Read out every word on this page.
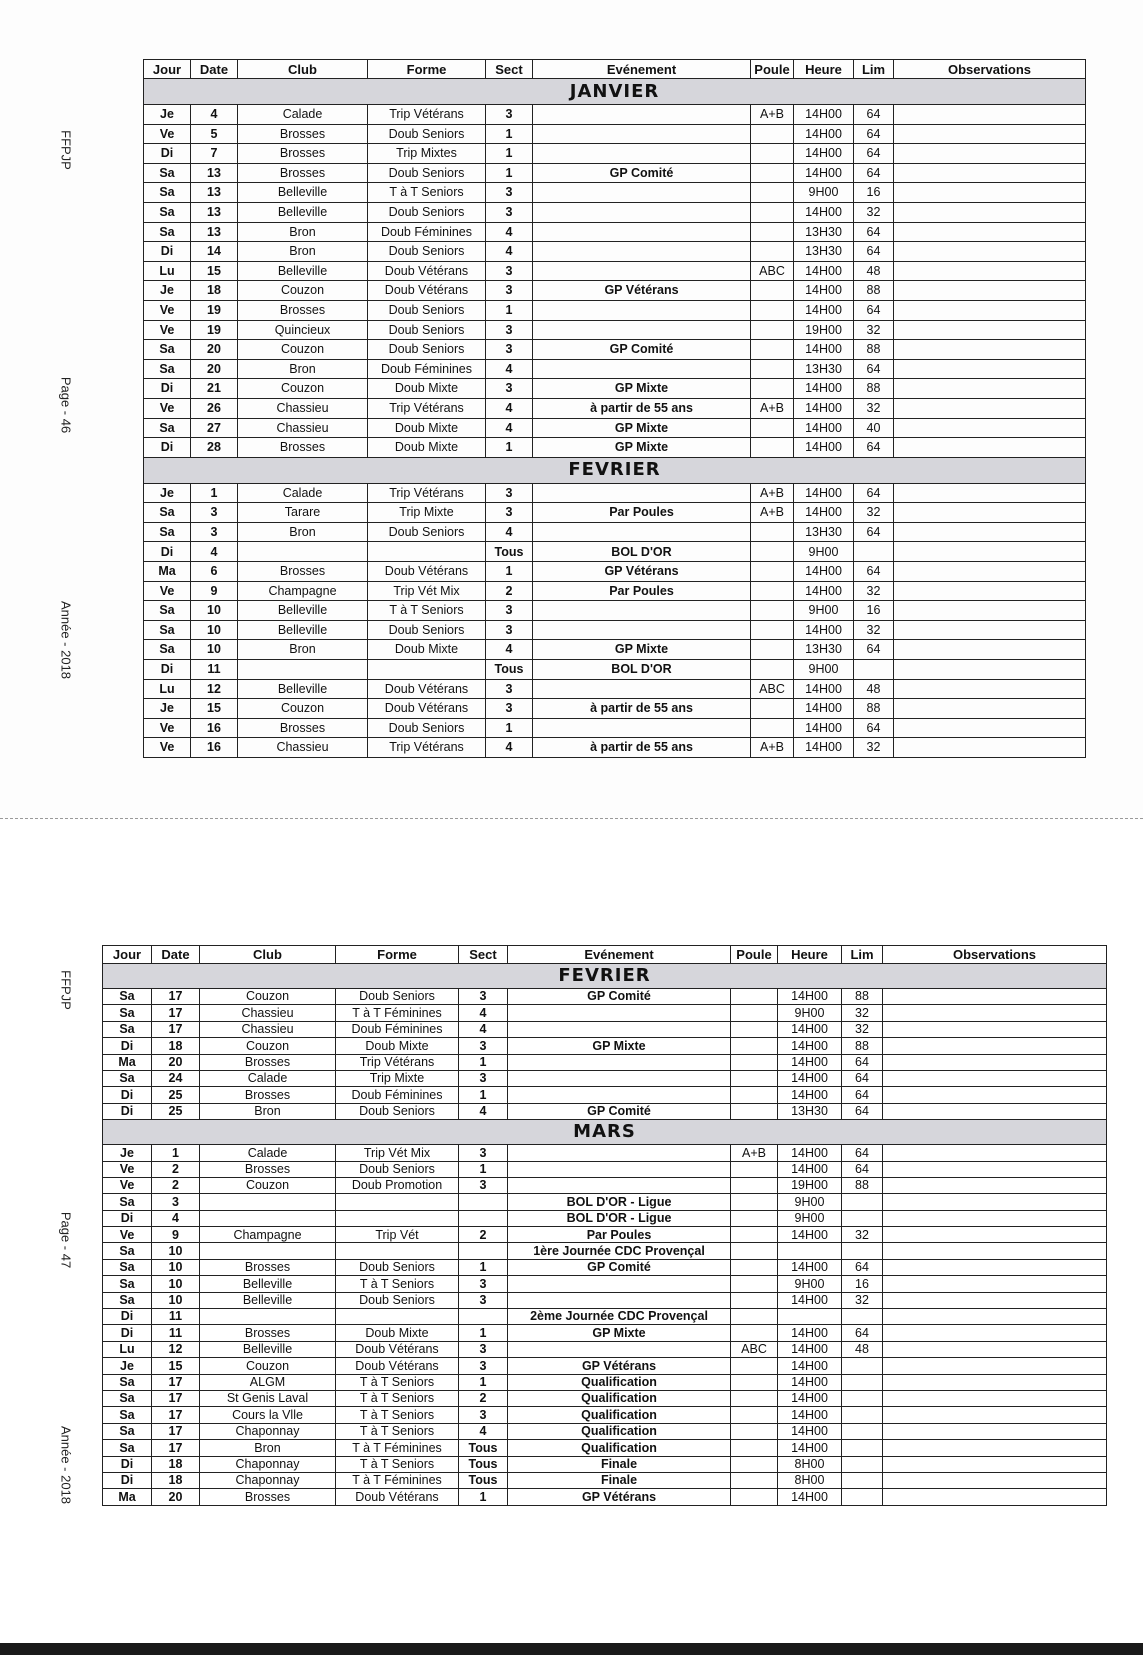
FFPJP
Page - 46
Année - 2018
FFPJP
Page - 47
Année - 2018
Jour	Date	Club	Forme	Sect	Evénement	Poule	Heure	Lim	Observations
JANVIER									
Je	4	Calade	Trip Vétérans	3		A+B	14H00	64	
Ve	5	Brosses	Doub Seniors	1			14H00	64	
Di	7	Brosses	Trip Mixtes	1			14H00	64	
Sa	13	Brosses	Doub Seniors	1	GP Comité		14H00	64	
Sa	13	Belleville	T à T Seniors	3			9H00	16	
Sa	13	Belleville	Doub Seniors	3			14H00	32	
Sa	13	Bron	Doub Féminines	4			13H30	64	
Di	14	Bron	Doub Seniors	4			13H30	64	
Lu	15	Belleville	Doub Vétérans	3		ABC	14H00	48	
Je	18	Couzon	Doub Vétérans	3	GP Vétérans		14H00	88	
Ve	19	Brosses	Doub Seniors	1			14H00	64	
Ve	19	Quincieux	Doub Seniors	3			19H00	32	
Sa	20	Couzon	Doub Seniors	3	GP Comité		14H00	88	
Sa	20	Bron	Doub Féminines	4			13H30	64	
Di	21	Couzon	Doub Mixte	3	GP Mixte		14H00	88	
Ve	26	Chassieu	Trip Vétérans	4	à partir de 55 ans	A+B	14H00	32	
Sa	27	Chassieu	Doub Mixte	4	GP Mixte		14H00	40	
Di	28	Brosses	Doub Mixte	1	GP Mixte		14H00	64	
FEVRIER									
Je	1	Calade	Trip Vétérans	3		A+B	14H00	64	
Sa	3	Tarare	Trip Mixte	3	Par Poules	A+B	14H00	32	
Sa	3	Bron	Doub Seniors	4			13H30	64	
Di	4			Tous	BOL D'OR		9H00		
Ma	6	Brosses	Doub Vétérans	1	GP Vétérans		14H00	64	
Ve	9	Champagne	Trip Vét Mix	2	Par Poules		14H00	32	
Sa	10	Belleville	T à T Seniors	3			9H00	16	
Sa	10	Belleville	Doub Seniors	3			14H00	32	
Sa	10	Bron	Doub Mixte	4	GP Mixte		13H30	64	
Di	11			Tous	BOL D'OR		9H00		
Lu	12	Belleville	Doub Vétérans	3		ABC	14H00	48	
Je	15	Couzon	Doub Vétérans	3	à partir de 55 ans		14H00	88	
Ve	16	Brosses	Doub Seniors	1			14H00	64	
Ve	16	Chassieu	Trip Vétérans	4	à partir de 55 ans	A+B	14H00	32	
Jour	Date	Club	Forme	Sect	Evénement	Poule	Heure	Lim	Observations
FEVRIER									
Sa	17	Couzon	Doub Seniors	3	GP Comité		14H00	88	
Sa	17	Chassieu	T à T Féminines	4			9H00	32	
Sa	17	Chassieu	Doub Féminines	4			14H00	32	
Di	18	Couzon	Doub Mixte	3	GP Mixte		14H00	88	
Ma	20	Brosses	Trip Vétérans	1			14H00	64	
Sa	24	Calade	Trip Mixte	3			14H00	64	
Di	25	Brosses	Doub Féminines	1			14H00	64	
Di	25	Bron	Doub Seniors	4	GP Comité		13H30	64	
MARS									
Je	1	Calade	Trip Vét Mix	3		A+B	14H00	64	
Ve	2	Brosses	Doub Seniors	1			14H00	64	
Ve	2	Couzon	Doub Promotion	3			19H00	88	
Sa	3				BOL D'OR - Ligue		9H00		
Di	4				BOL D'OR - Ligue		9H00		
Ve	9	Champagne	Trip Vét	2	Par Poules		14H00	32	
Sa	10				1ère Journée CDC Provençal				
Sa	10	Brosses	Doub Seniors	1	GP Comité		14H00	64	
Sa	10	Belleville	T à T Seniors	3			9H00	16	
Sa	10	Belleville	Doub Seniors	3			14H00	32	
Di	11				2ème Journée CDC Provençal				
Di	11	Brosses	Doub Mixte	1	GP Mixte		14H00	64	
Lu	12	Belleville	Doub Vétérans	3		ABC	14H00	48	
Je	15	Couzon	Doub Vétérans	3	GP Vétérans		14H00		
Sa	17	ALGM	T à T Seniors	1	Qualification		14H00		
Sa	17	St Genis Laval	T à T Seniors	2	Qualification		14H00		
Sa	17	Cours la Vlle	T à T Seniors	3	Qualification		14H00		
Sa	17	Chaponnay	T à T Seniors	4	Qualification		14H00		
Sa	17	Bron	T à T Féminines	Tous	Qualification		14H00		
Di	18	Chaponnay	T à T Seniors	Tous	Finale		8H00		
Di	18	Chaponnay	T à T Féminines	Tous	Finale		8H00		
Ma	20	Brosses	Doub Vétérans	1	GP Vétérans		14H00		
